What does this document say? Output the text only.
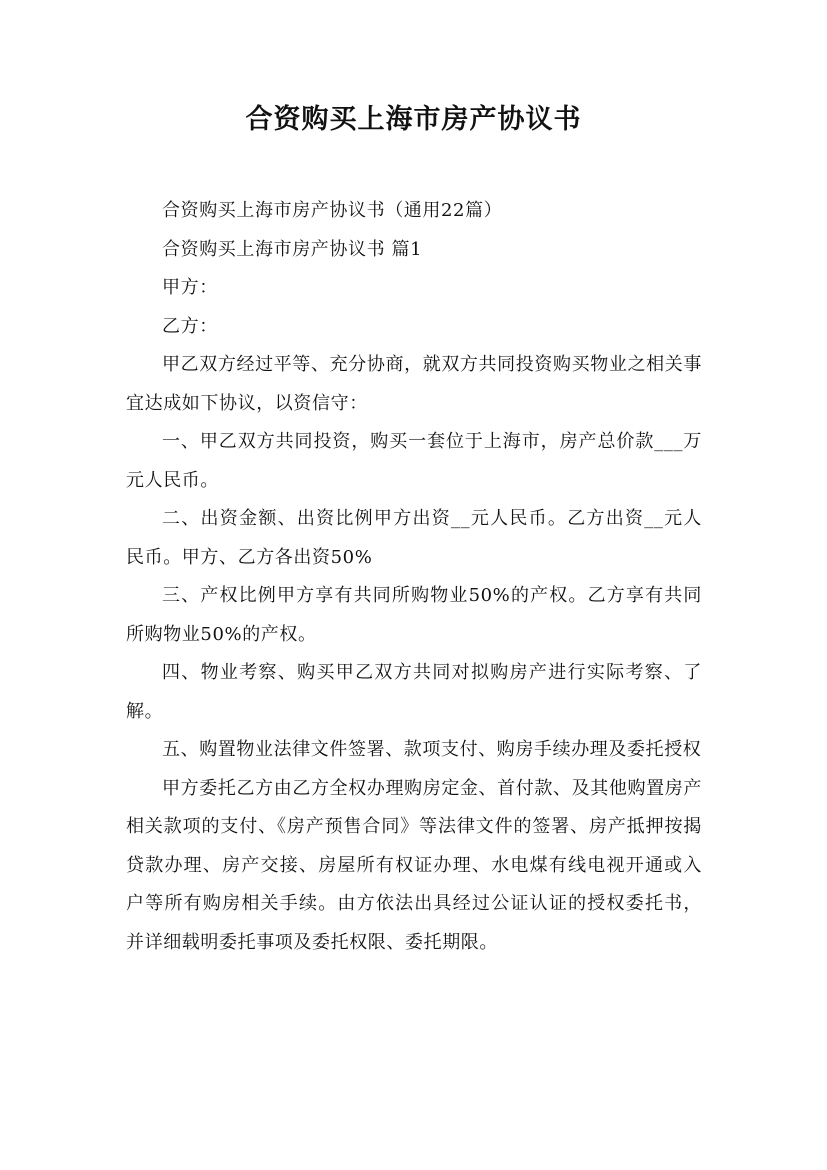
合资购买上海市房产协议书

合资购买上海市房产协议书（通用22篇）

合资购买上海市房产协议书 篇1

甲方：

乙方：

甲乙双方经过平等、充分协商，就双方共同投资购买物业之相关事宜达成如下协议，以资信守：

一、甲乙双方共同投资，购买一套位于上海市，房产总价款___万元人民币。

二、出资金额、出资比例甲方出资__元人民币。乙方出资__元人民币。甲方、乙方各出资50%

三、产权比例甲方享有共同所购物业50%的产权。乙方享有共同所购物业50%的产权。

四、物业考察、购买甲乙双方共同对拟购房产进行实际考察、了解。

五、购置物业法律文件签署、款项支付、购房手续办理及委托授权

甲方委托乙方由乙方全权办理购房定金、首付款、及其他购置房产相关款项的支付、《房产预售合同》等法律文件的签署、房产抵押按揭贷款办理、房产交接、房屋所有权证办理、水电煤有线电视开通或入户等所有购房相关手续。由方依法出具经过公证认证的授权委托书，并详细载明委托事项及委托权限、委托期限。
